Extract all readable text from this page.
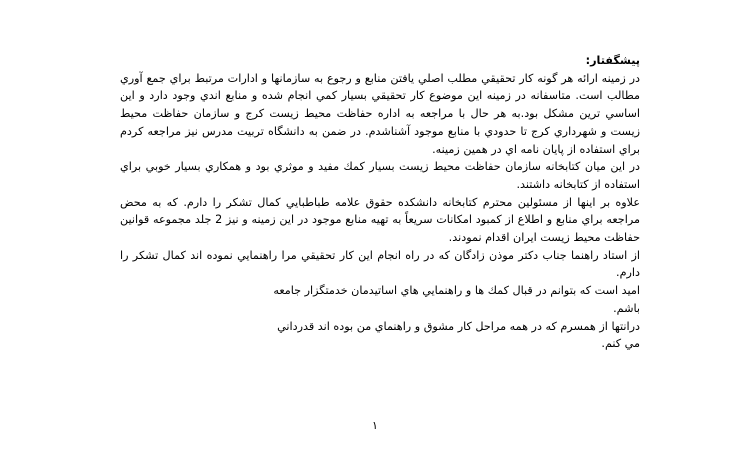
پيشگفتار:

در زمينه ارائه هر گونه كار تحقيقي مطلب اصلي يافتن منابع و رجوع به سازمانها و ادارات مرتبط براي جمع آوري مطالب است. متاسفانه در زمينه اين موضوع كار تحقيقي بسيار كمي انجام شده و منابع اندي وجود دارد و اين اساسي ترين مشكل بود.به هر حال با مراجعه به اداره حفاظت محيط زيست كرج و سازمان حفاظت محيط زيست و شهرداري كرج تا حدودي با منابع موجود آشناشدم. در ضمن به دانشگاه تربيت مدرس نيز مراجعه كردم براي استفاده از پايان نامه اي در همين زمينه.

در اين ميان كتابخانه سازمان حفاظت محيط زيست بسيار كمك مفيد و موثري بود و همكاري بسيار خوبي براي استفاده از كتابخانه داشتند.

علاوه بر اينها از مسئولين محترم كتابخانه دانشكده حقوق علامه طباطبايي كمال تشكر را دارم. كه به محض مراجعه براي منابع و اطلاع از كمبود امكانات سريعاً به تهيه منابع موجود در اين زمينه و نيز 2 جلد مجموعه قوانين حفاظت محيط زيست ايران اقدام نمودند.

از استاد راهنما جناب دكتر موذن زادگان كه در راه انجام اين كار تحقيقي مرا راهنمايي نموده اند كمال تشكر را دارم.

اميد است كه بتوانم در قبال كمك ها و راهنمايي هاي اساتيدمان خدمتگزار جامعه

باشم.

درانتها از همسرم كه در همه مراحل كار مشوق و راهنماي من بوده اند قدرداني

مي كنم.

۱
